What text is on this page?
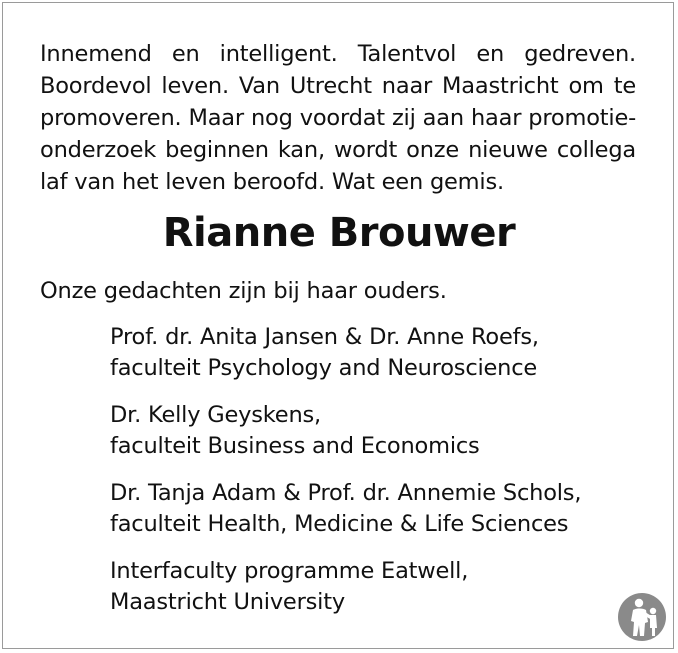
Innemend en intelligent. Talentvol en gedreven.
Boordevol leven. Van Utrecht naar Maastricht om te
promoveren. Maar nog voordat zij aan haar promotie-
onderzoek beginnen kan, wordt onze nieuwe collega
laf van het leven beroofd. Wat een gemis.

Rianne Brouwer

Onze gedachten zijn bij haar ouders.

Prof. dr. Anita Jansen & Dr. Anne Roefs,
faculteit Psychology and Neuroscience
Dr. Kelly Geyskens,
faculteit Business and Economics
Dr. Tanja Adam & Prof. dr. Annemie Schols,
faculteit Health, Medicine & Life Sciences
Interfaculty programme Eatwell,
Maastricht University
